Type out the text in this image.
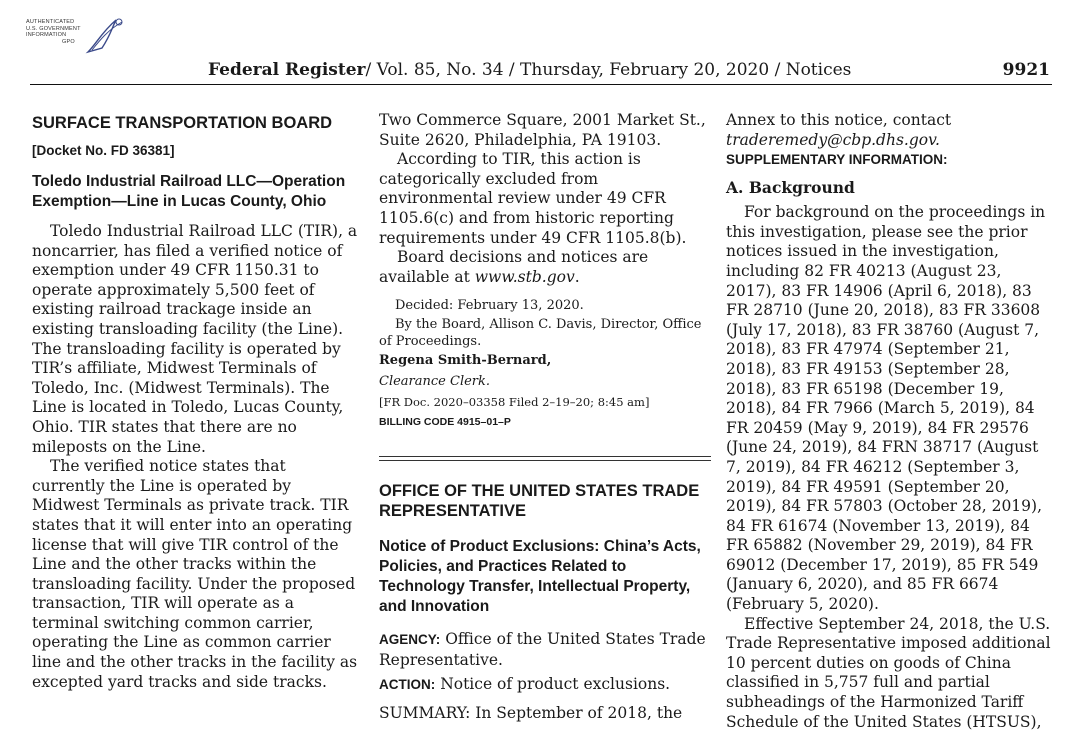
AUTHENTICATED
U.S. GOVERNMENT
INFORMATION
GPO
Federal Register/ Vol. 85, No. 34 / Thursday, February 20, 2020 / Notices	9921
SURFACE TRANSPORTATION BOARD
[Docket No. FD 36381]
Toledo Industrial Railroad LLC—Operation Exemption—Line in Lucas County, Ohio

Toledo Industrial Railroad LLC (TIR), a noncarrier, has filed a verified notice of exemption under 49 CFR 1150.31 to operate approximately 5,500 feet of existing railroad trackage inside an existing transloading facility (the Line). The transloading facility is operated by TIR’s affiliate, Midwest Terminals of Toledo, Inc. (Midwest Terminals). The Line is located in Toledo, Lucas County, Ohio. TIR states that there are no mileposts on the Line.

The verified notice states that currently the Line is operated by Midwest Terminals as private track. TIR states that it will enter into an operating license that will give TIR control of the Line and the other tracks within the transloading facility. Under the proposed transaction, TIR will operate as a terminal switching common carrier, operating the Line as common carrier line and the other tracks in the facility as excepted yard tracks and side tracks.

Two Commerce Square, 2001 Market St., Suite 2620, Philadelphia, PA 19103.

According to TIR, this action is categorically excluded from environmental review under 49 CFR 1105.6(c) and from historic reporting requirements under 49 CFR 1105.8(b).

Board decisions and notices are available at www.stb.gov.

Decided: February 13, 2020.

By the Board, Allison C. Davis, Director, Office of Proceedings.

Regena Smith-Bernard,
Clearance Clerk.
[FR Doc. 2020–03358 Filed 2–19–20; 8:45 am]
BILLING CODE 4915–01–P
OFFICE OF THE UNITED STATES TRADE REPRESENTATIVE
Notice of Product Exclusions: China’s Acts, Policies, and Practices Related to Technology Transfer, Intellectual Property, and Innovation
AGENCY: Office of the United States Trade Representative.
ACTION: Notice of product exclusions.
SUMMARY: In September of 2018, the

Annex to this notice, contact

traderemedy@cbp.dhs.gov.

SUPPLEMENTARY INFORMATION:
A. Background

For background on the proceedings in this investigation, please see the prior notices issued in the investigation, including 82 FR 40213 (August 23, 2017), 83 FR 14906 (April 6, 2018), 83 FR 28710 (June 20, 2018), 83 FR 33608 (July 17, 2018), 83 FR 38760 (August 7, 2018), 83 FR 47974 (September 21, 2018), 83 FR 49153 (September 28, 2018), 83 FR 65198 (December 19, 2018), 84 FR 7966 (March 5, 2019), 84 FR 20459 (May 9, 2019), 84 FR 29576 (June 24, 2019), 84 FRN 38717 (August 7, 2019), 84 FR 46212 (September 3, 2019), 84 FR 49591 (September 20, 2019), 84 FR 57803 (October 28, 2019), 84 FR 61674 (November 13, 2019), 84 FR 65882 (November 29, 2019), 84 FR 69012 (December 17, 2019), 85 FR 549 (January 6, 2020), and 85 FR 6674 (February 5, 2020).

Effective September 24, 2018, the U.S. Trade Representative imposed additional 10 percent duties on goods of China classified in 5,757 full and partial subheadings of the Harmonized Tariff Schedule of the United States (HTSUS),
